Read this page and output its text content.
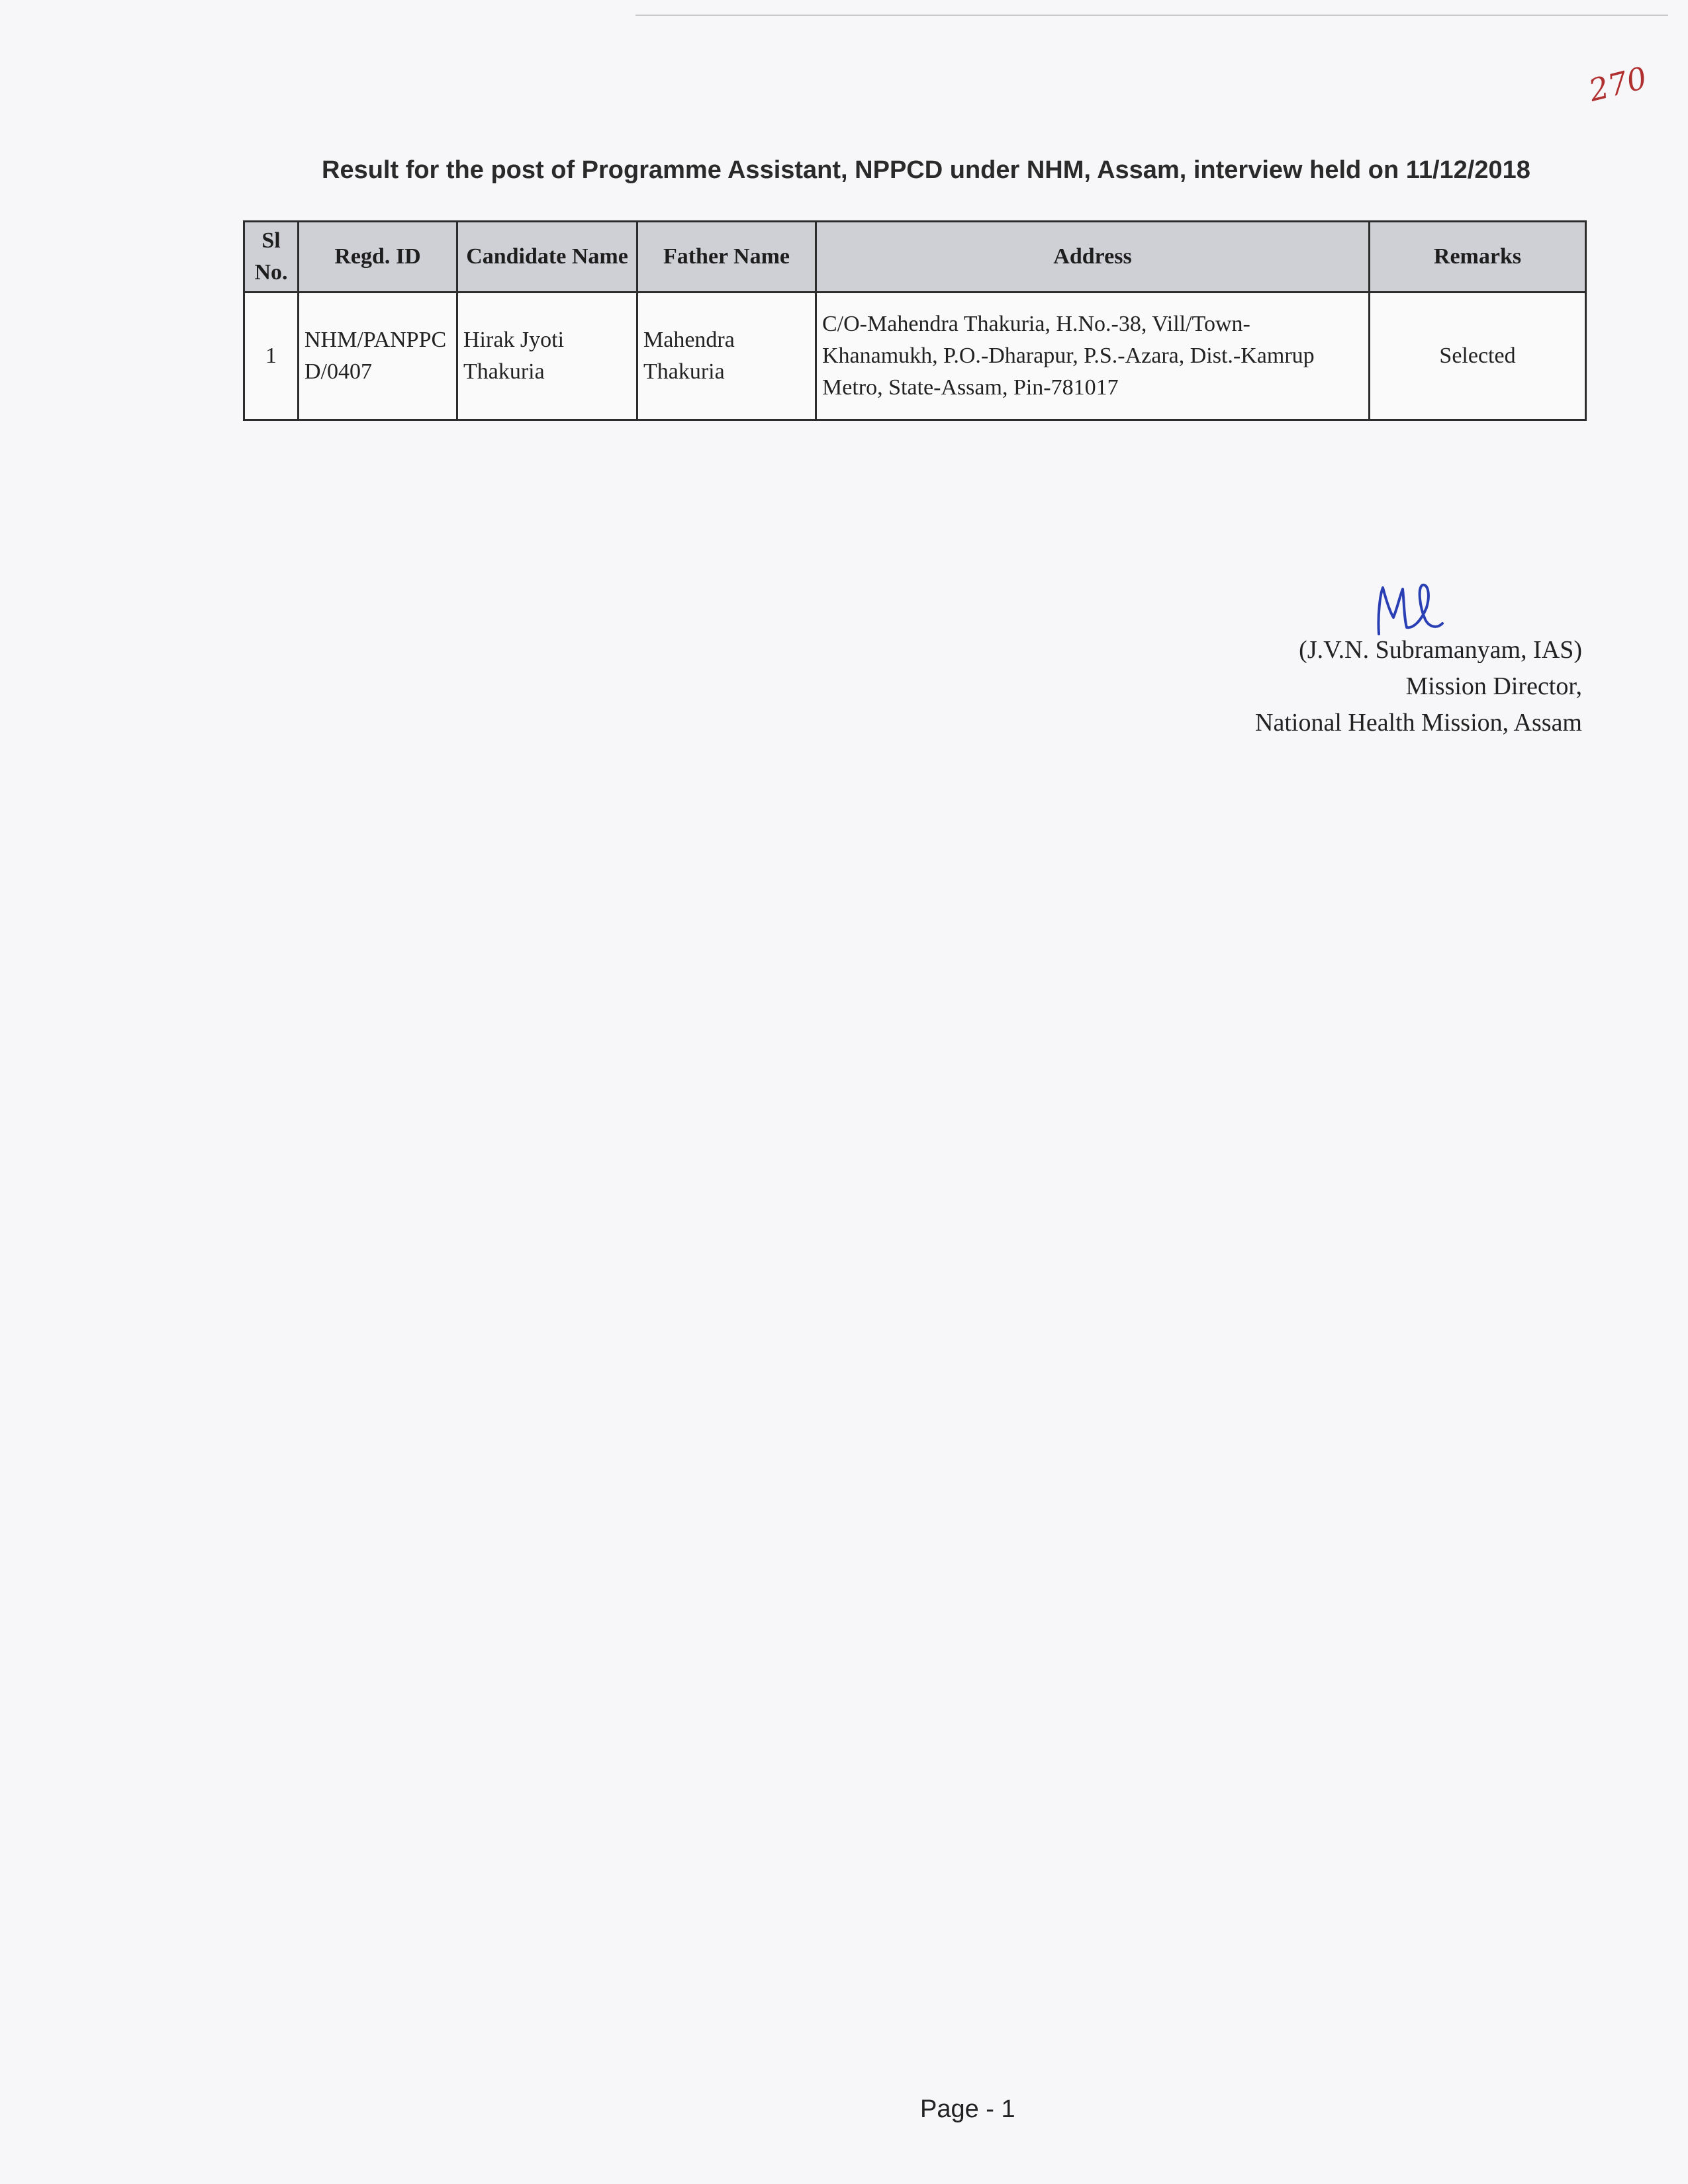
270
Result for the post of Programme Assistant, NPPCD under NHM, Assam, interview held on 11/12/2018
Sl No.	Regd. ID	Candidate Name	Father Name	Address	Remarks
1	NHM/PANPPCD/0407	Hirak Jyoti Thakuria	Mahendra Thakuria	C/O-Mahendra Thakuria, H.No.-38, Vill/Town-Khanamukh, P.O.-Dharapur, P.S.-Azara, Dist.-Kamrup Metro, State-Assam, Pin-781017	Selected
(J.V.N. Subramanyam, IAS)
Mission Director,
National Health Mission, Assam
Page - 1
